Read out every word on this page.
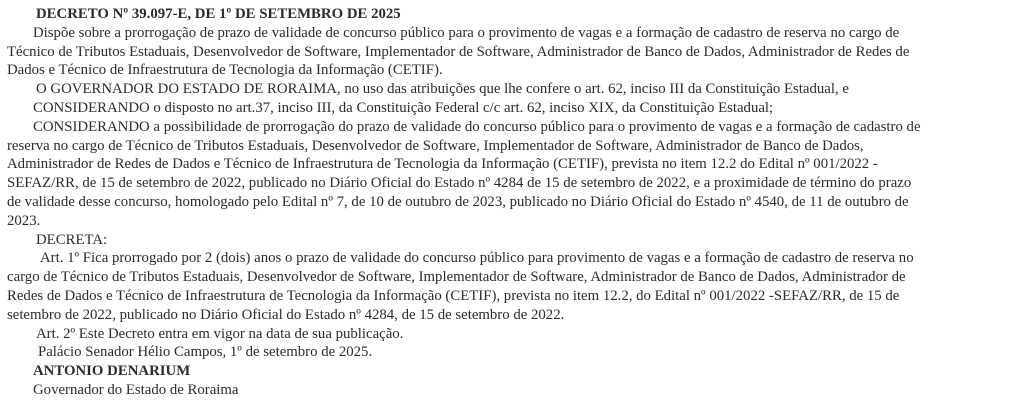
DECRETO Nº 39.097-E, DE 1º DE SETEMBRO DE 2025
Dispõe sobre a prorrogação de prazo de validade de concurso público para o provimento de vagas e a formação de cadastro de reserva no cargo de
Técnico de Tributos Estaduais, Desenvolvedor de Software, Implementador de Software, Administrador de Banco de Dados, Administrador de Redes de
Dados e Técnico de Infraestrutura de Tecnologia da Informação (CETIF).
O GOVERNADOR DO ESTADO DE RORAIMA, no uso das atribuições que lhe confere o art. 62, inciso III da Constituição Estadual, e
CONSIDERANDO o disposto no art.37, inciso III, da Constituição Federal c/c art. 62, inciso XIX, da Constituição Estadual;
CONSIDERANDO a possibilidade de prorrogação do prazo de validade do concurso público para o provimento de vagas e a formação de cadastro de
reserva no cargo de Técnico de Tributos Estaduais, Desenvolvedor de Software, Implementador de Software, Administrador de Banco de Dados,
Administrador de Redes de Dados e Técnico de Infraestrutura de Tecnologia da Informação (CETIF), prevista no item 12.2 do Edital nº 001/2022 -
SEFAZ/RR, de 15 de setembro de 2022, publicado no Diário Oficial do Estado nº 4284 de 15 de setembro de 2022, e a proximidade de término do prazo
de validade desse concurso, homologado pelo Edital nº 7, de 10 de outubro de 2023, publicado no Diário Oficial do Estado nº 4540, de 11 de outubro de
2023.
DECRETA:
Art. 1º Fica prorrogado por 2 (dois) anos o prazo de validade do concurso público para provimento de vagas e a formação de cadastro de reserva no
cargo de Técnico de Tributos Estaduais, Desenvolvedor de Software, Implementador de Software, Administrador de Banco de Dados, Administrador de
Redes de Dados e Técnico de Infraestrutura de Tecnologia da Informação (CETIF), prevista no item 12.2, do Edital nº 001/2022 -SEFAZ/RR, de 15 de
setembro de 2022, publicado no Diário Oficial do Estado nº 4284, de 15 de setembro de 2022.
Art. 2º Este Decreto entra em vigor na data de sua publicação.
Palácio Senador Hélio Campos, 1º de setembro de 2025.
ANTONIO DENARIUM
Governador do Estado de Roraima
